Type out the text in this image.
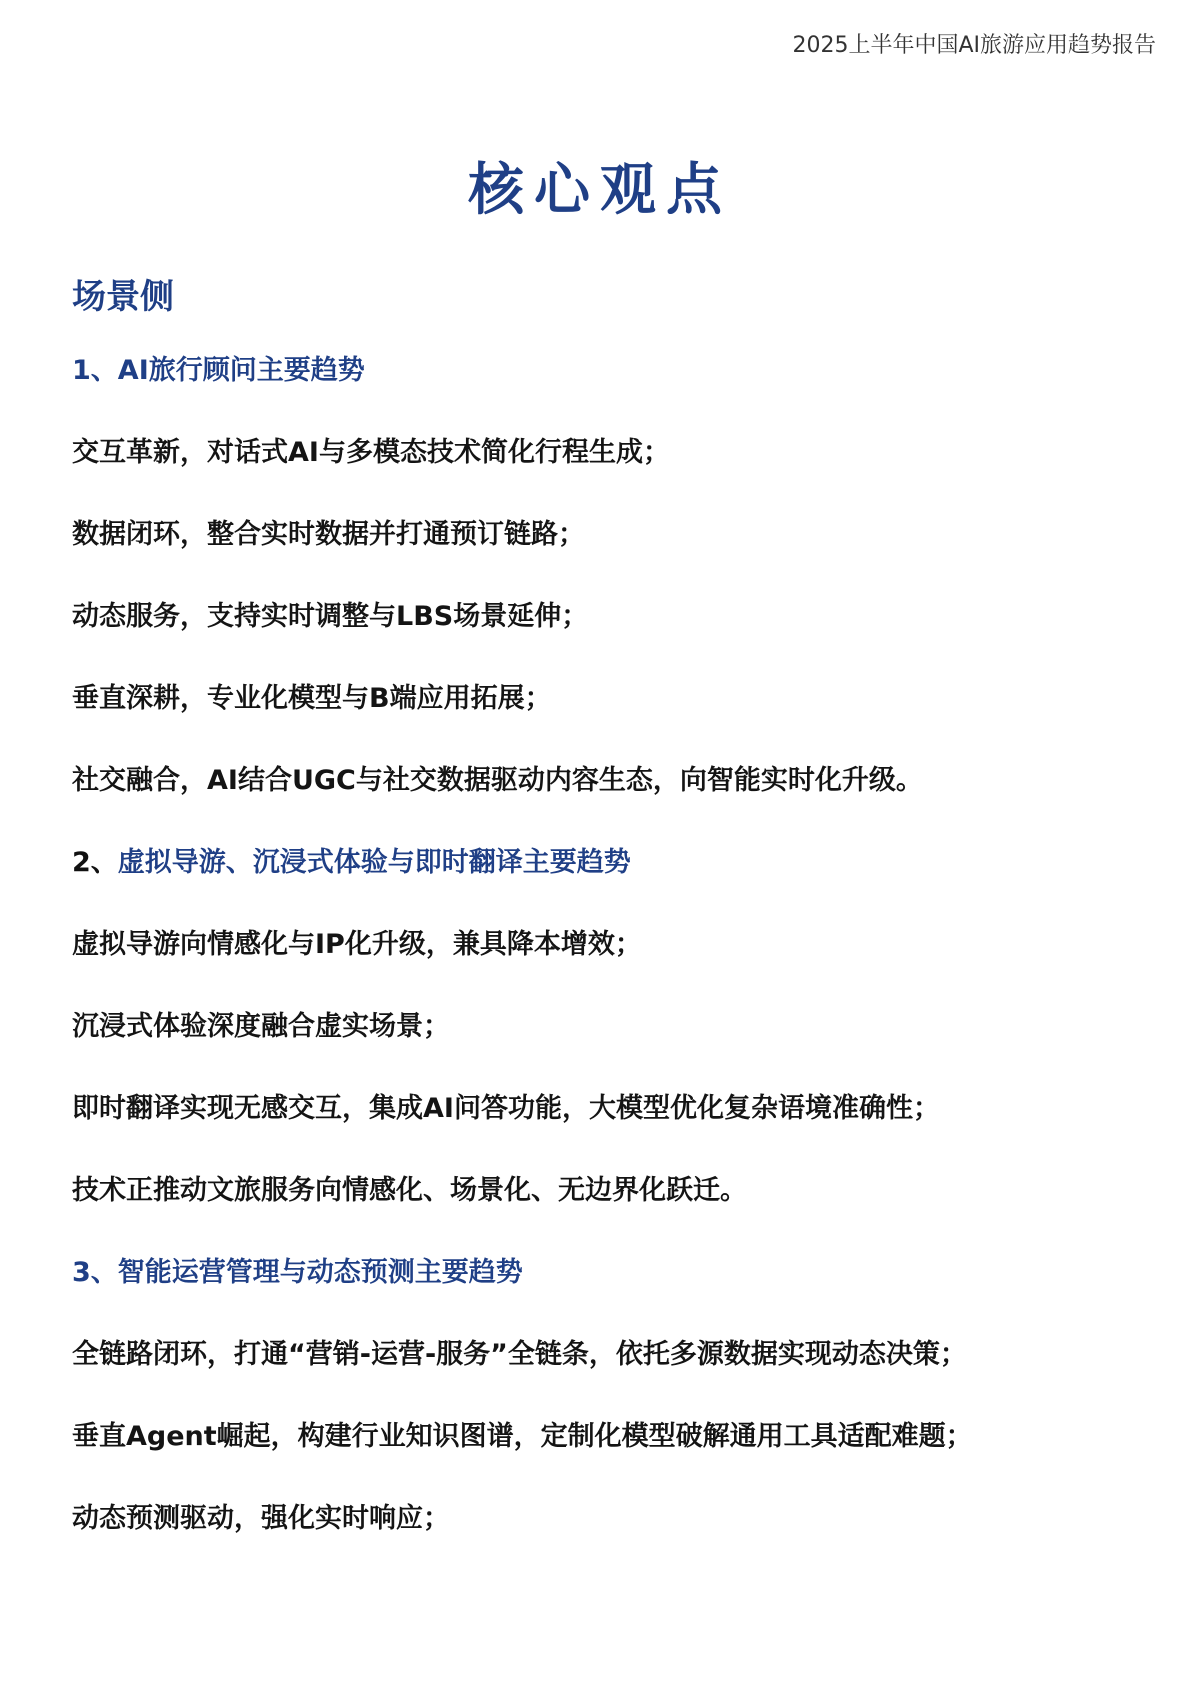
2025上半年中国AI旅游应用趋势报告
核心观点
场景侧
1、AI旅行顾问主要趋势
交互革新，对话式AI与多模态技术简化行程生成；
数据闭环，整合实时数据并打通预订链路；
动态服务，支持实时调整与LBS场景延伸；
垂直深耕，专业化模型与B端应用拓展；
社交融合，AI结合UGC与社交数据驱动内容生态，向智能实时化升级。
2、虚拟导游、沉浸式体验与即时翻译主要趋势
虚拟导游向情感化与IP化升级，兼具降本增效；
沉浸式体验深度融合虚实场景；
即时翻译实现无感交互，集成AI问答功能，大模型优化复杂语境准确性；
技术正推动文旅服务向情感化、场景化、无边界化跃迁。
3、智能运营管理与动态预测主要趋势
全链路闭环，打通“营销-运营-服务”全链条，依托多源数据实现动态决策；
垂直Agent崛起，构建行业知识图谱，定制化模型破解通用工具适配难题；
动态预测驱动，强化实时响应；
